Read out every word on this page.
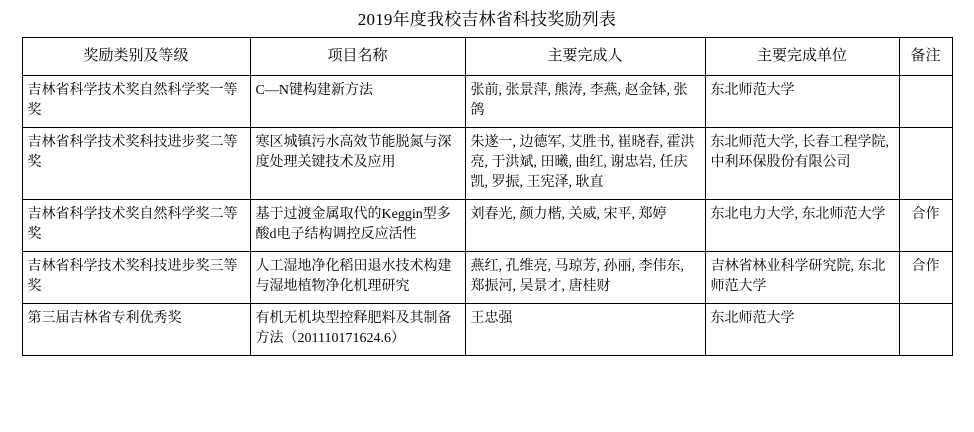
2019年度我校吉林省科技奖励列表
奖励类别及等级	项目名称	主要完成人	主要完成单位	备注
吉林省科学技术奖自然科学奖一等奖	C—N键构建新方法	张前, 张景萍, 熊涛, 李燕, 赵金钵, 张鸽	东北师范大学	
吉林省科学技术奖科技进步奖二等奖	寒区城镇污水高效节能脱氮与深度处理关键技术及应用	朱遂一, 边德军, 艾胜书, 崔晓春, 霍洪亮, 于洪斌, 田曦, 曲红, 谢忠岩, 任庆凯, 罗振, 王宪泽, 耿直	东北师范大学, 长春工程学院, 中利环保股份有限公司	
吉林省科学技术奖自然科学奖二等奖	基于过渡金属取代的Keggin型多酸d电子结构调控反应活性	刘春光, 颜力楷, 关威, 宋平, 郑婷	东北电力大学, 东北师范大学	合作
吉林省科学技术奖科技进步奖三等奖	人工湿地净化稻田退水技术构建与湿地植物净化机理研究	燕红, 孔维亮, 马琼芳, 孙丽, 李伟东, 郑振河, 吴景才, 唐桂财	吉林省林业科学研究院, 东北师范大学	合作
第三届吉林省专利优秀奖	有机无机块型控释肥料及其制备方法（201110171624.6）	王忠强	东北师范大学	
